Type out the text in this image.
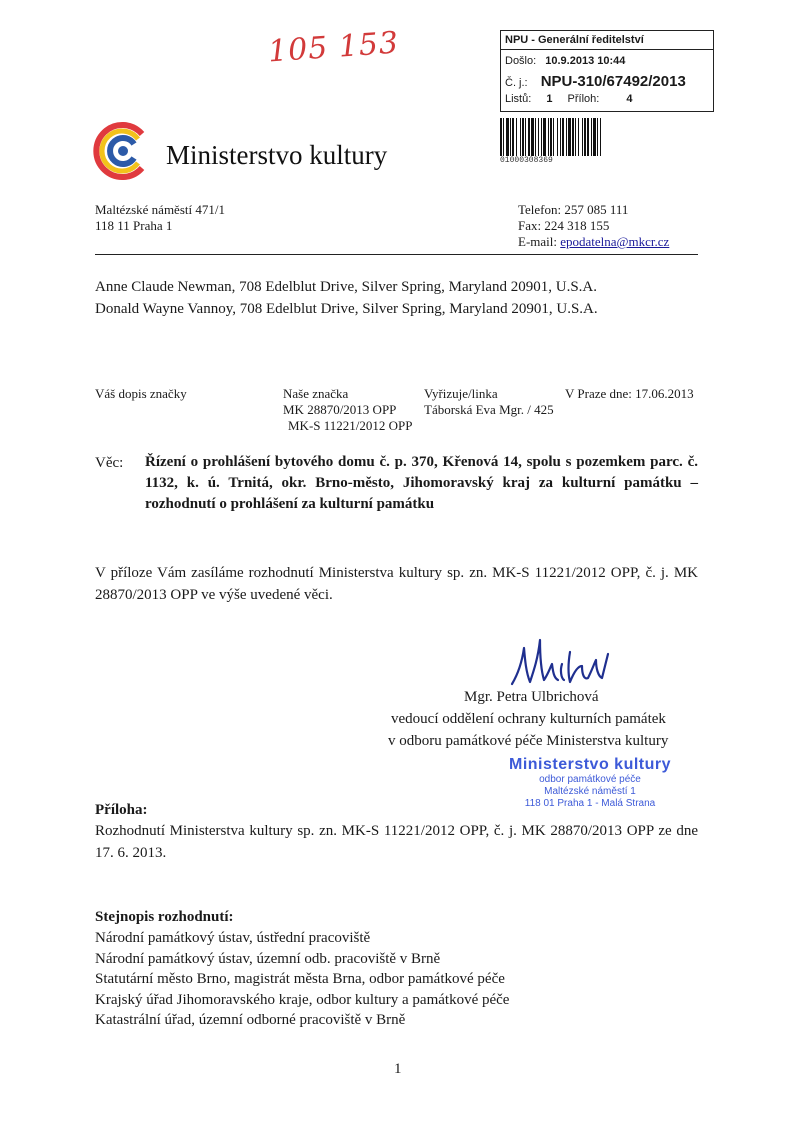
105 153	NPU - Generální ředitelství
Došlo: 10.9.2013 10:44
Č. j.: NPU-310/67492/2013
Listů: 1 Příloh: 4
01000308369
Ministerstvo kultury
Maltézské náměstí 471/1
118 11 Praha 1
Telefon: 257 085 111
Fax: 224 318 155
E-mail: epodatelna@mkcr.cz
Anne Claude Newman, 708 Edelblut Drive, Silver Spring, Maryland 20901, U.S.A.
Donald Wayne Vannoy, 708 Edelblut Drive, Silver Spring, Maryland 20901, U.S.A.
Váš dopis značky	Naše značka
MK 28870/2013 OPP
MK-S 11221/2012 OPP
Vyřizuje/linka
Táborská Eva Mgr. / 425
V Praze dne: 17.06.2013
Věc: Řízení o prohlášení bytového domu č. p. 370, Křenová 14, spolu s pozemkem parc. č. 1132, k. ú. Trnitá, okr. Brno-město, Jihomoravský kraj za kulturní památku – rozhodnutí o prohlášení za kulturní památku
V příloze Vám zasíláme rozhodnutí Ministerstva kultury sp. zn. MK-S 11221/2012 OPP, č. j. MK 28870/2013 OPP ve výše uvedené věci.
Mgr. Petra Ulbrichová
vedoucí oddělení ochrany kulturních památek
v odboru památkové péče Ministerstva kultury
Ministerstvo kultury
odbor památkové péče
Maltézské náměstí 1
118 01 Praha 1 - Malá Strana
Příloha:
Rozhodnutí Ministerstva kultury sp. zn. MK-S 11221/2012 OPP, č. j. MK 28870/2013 OPP ze dne 17. 6. 2013.
Stejnopis rozhodnutí:
Národní památkový ústav, ústřední pracoviště
Národní památkový ústav, územní odb. pracoviště v Brně
Statutární město Brno, magistrát města Brna, odbor památkové péče
Krajský úřad Jihomoravského kraje, odbor kultury a památkové péče
Katastrální úřad, územní odborné pracoviště v Brně
1
